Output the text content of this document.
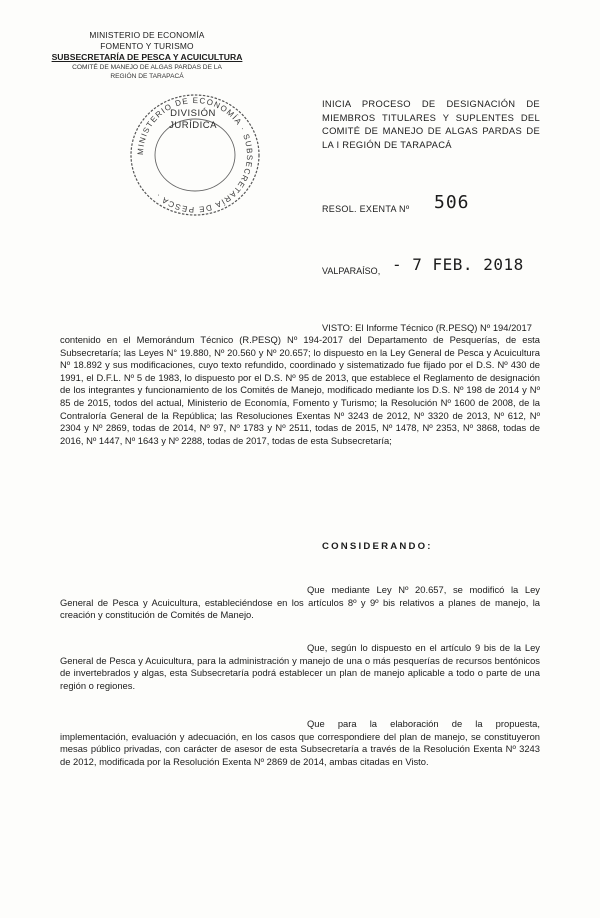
MINISTERIO DE ECONOMÍA
FOMENTO Y TURISMO
SUBSECRETARÍA DE PESCA Y ACUICULTURA
COMITÉ DE MANEJO DE ALGAS PARDAS DE LA
REGIÓN DE TARAPACÁ
MINISTERIO DE ECONOMÍA · SUBSECRETARÍA DE PESCA ·
DIVISIÓN
JURÍDICA
INICIA PROCESO DE DESIGNACIÓN DE MIEMBROS TITULARES Y SUPLENTES DEL COMITÉ DE MANEJO DE ALGAS PARDAS DE LA I REGIÓN DE TARAPACÁ
RESOL. EXENTA Nº 506
VALPARAÍSO, - 7 FEB. 2018
VISTO: El Informe Técnico (R.PESQ) Nº 194/2017
contenido en el Memorándum Técnico (R.PESQ) Nº 194-2017 del Departamento de Pesquerías, de esta Subsecretaría; las Leyes N° 19.880, Nº 20.560 y Nº 20.657; lo dispuesto en la Ley General de Pesca y Acuicultura Nº 18.892 y sus modificaciones, cuyo texto refundido, coordinado y sistematizado fue fijado por el D.S. Nº 430 de 1991, el D.F.L. Nº 5 de 1983, lo dispuesto por el D.S. Nº 95 de 2013, que establece el Reglamento de designación de los integrantes y funcionamiento de los Comités de Manejo, modificado mediante los D.S. Nº 198 de 2014 y Nº 85 de 2015, todos del actual, Ministerio de Economía, Fomento y Turismo; la Resolución Nº 1600 de 2008, de la Contraloría General de la República; las Resoluciones Exentas Nº 3243 de 2012, Nº 3320 de 2013, Nº 612, Nº 2304 y Nº 2869, todas de 2014, Nº 97, Nº 1783 y Nº 2511, todas de 2015, Nº 1478, Nº 2353, Nº 3868, todas de 2016, Nº 1447, Nº 1643 y Nº 2288, todas de 2017, todas de esta Subsecretaría;
CONSIDERANDO:
Que mediante Ley Nº 20.657, se modificó la Ley General de Pesca y Acuicultura, estableciéndose en los artículos 8º y 9º bis relativos a planes de manejo, la creación y constitución de Comités de Manejo.
Que, según lo dispuesto en el artículo 9 bis de la Ley General de Pesca y Acuicultura, para la administración y manejo de una o más pesquerías de recursos bentónicos de invertebrados y algas, esta Subsecretaría podrá establecer un plan de manejo aplicable a todo o parte de una región o regiones.
Que para la elaboración de la propuesta, implementación, evaluación y adecuación, en los casos que correspondiere del plan de manejo, se constituyeron mesas público privadas, con carácter de asesor de esta Subsecretaría a través de la Resolución Exenta Nº 3243 de 2012, modificada por la Resolución Exenta Nº 2869 de 2014, ambas citadas en Visto.
